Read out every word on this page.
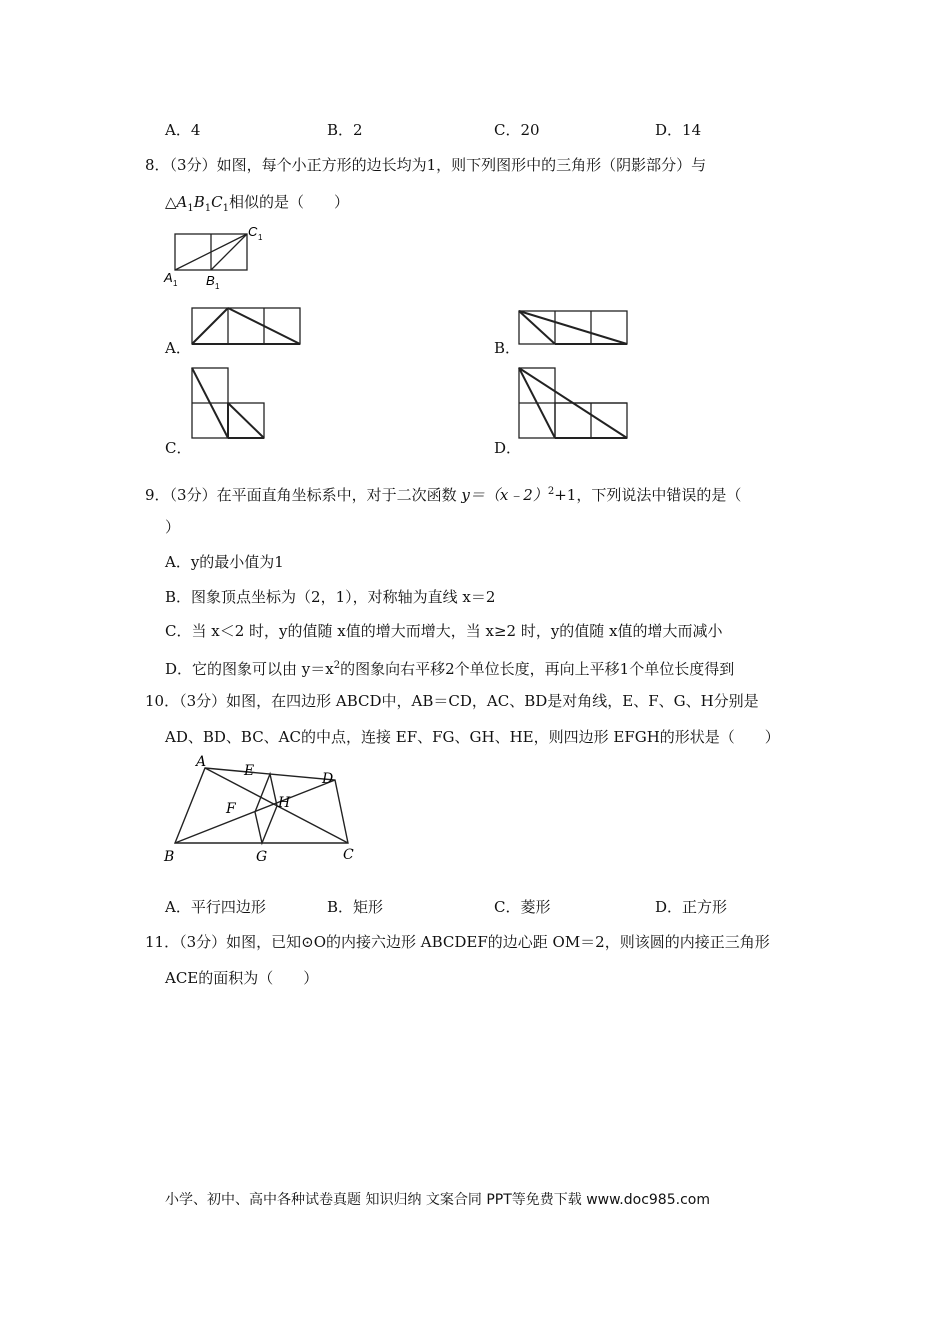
A．4	B．2	C．20	D．14
8．（3分）如图，每个小正方形的边长均为1，则下列图形中的三角形（阴影部分）与
$\triangle A_1B_1C_1$相似的是（　　）
C 1
A 1 B 1
A．	B．
C．	D．
9．（3分）在平面直角坐标系中，对于二次函数 y＝（x﹣2）$^2$+1，下列说法中错误的是（
）
A．y的最小值为1
B．图象顶点坐标为（2，1），对称轴为直线 x＝2
C．当 x＜2 时，y的值随 x值的增大而增大，当 x≥2 时，y的值随 x值的增大而减小
D．它的图象可以由 $y=x^2$的图象向右平移2个单位长度，再向上平移1个单位长度得到
10．（3分）如图，在四边形 ABCD中，AB＝CD，AC、BD是对角线，E、F、G、H分别是
AD、BD、BC、AC的中点，连接 EF、FG、GH、HE，则四边形 EFGH的形状是（　　）
A
E	D
F	H
B	G	C
A．平行四边形	B．矩形	C．菱形	D．正方形
11．（3分）如图，已知⊙O的内接六边形 ABCDEF的边心距 OM＝2，则该圆的内接正三角形
ACE的面积为（　　）
小学、初中、高中各种试卷真题 知识归纳 文案合同 PPT等免费下载 www.doc985.com
